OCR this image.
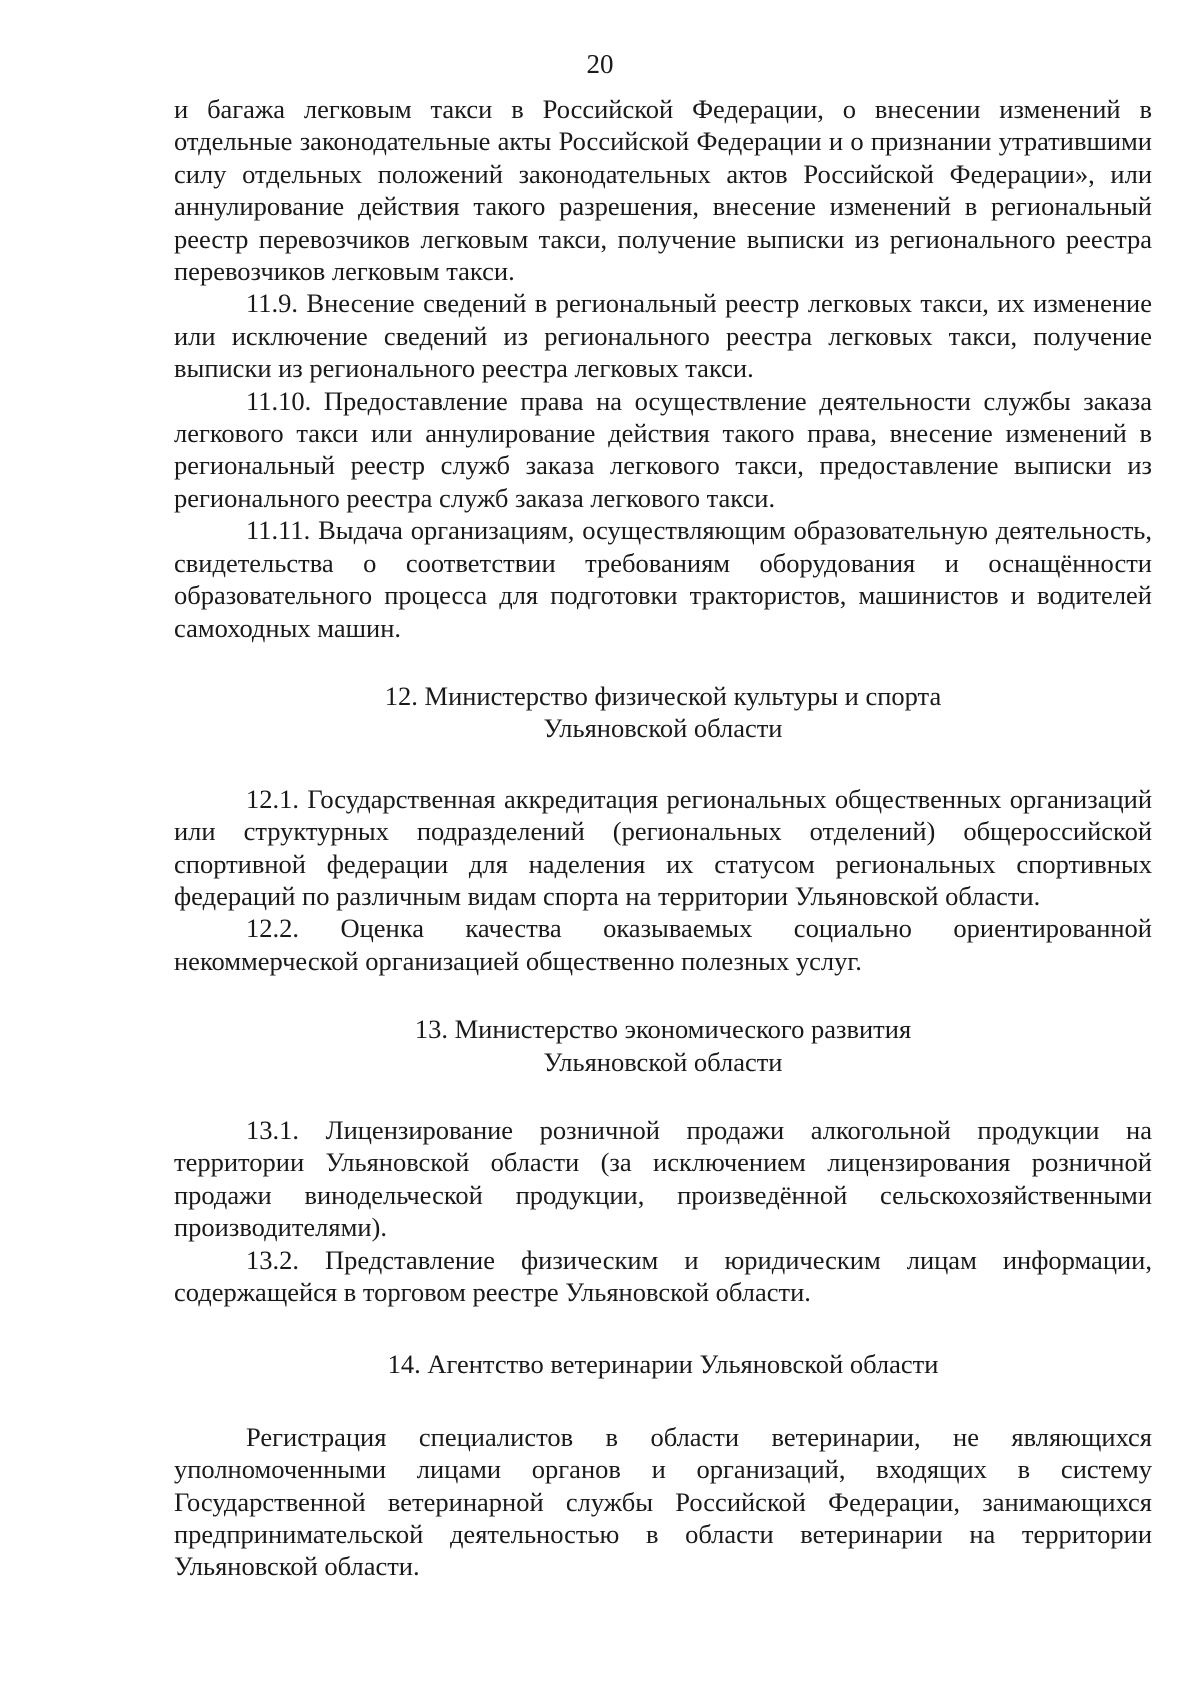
20

и багажа легковым такси в Российской Федерации, о внесении изменений в отдельные законодательные акты Российской Федерации и о признании утратившими силу отдельных положений законодательных актов Российской Федерации», или аннулирование действия такого разрешения, внесение изменений в региональный реестр перевозчиков легковым такси, получение выписки из регионального реестра перевозчиков легковым такси.

11.9. Внесение сведений в региональный реестр легковых такси, их изменение или исключение сведений из регионального реестра легковых такси, получение выписки из регионального реестра легковых такси.

11.10. Предоставление права на осуществление деятельности службы заказа легкового такси или аннулирование действия такого права, внесение изменений в региональный реестр служб заказа легкового такси, предоставление выписки из регионального реестра служб заказа легкового такси.

11.11. Выдача организациям, осуществляющим образовательную деятельность, свидетельства о соответствии требованиям оборудования и оснащённости образовательного процесса для подготовки трактористов, машинистов и водителей самоходных машин.

12. Министерство физической культуры и спорта
Ульяновской области

12.1. Государственная аккредитация региональных общественных организаций или структурных подразделений (региональных отделений) общероссийской спортивной федерации для наделения их статусом региональных спортивных федераций по различным видам спорта на территории Ульяновской области.

12.2. Оценка качества оказываемых социально ориентированной некоммерческой организацией общественно полезных услуг.

13. Министерство экономического развития
Ульяновской области

13.1. Лицензирование розничной продажи алкогольной продукции на территории Ульяновской области (за исключением лицензирования розничной продажи винодельческой продукции, произведённой сельскохозяйственными производителями).

13.2. Представление физическим и юридическим лицам информации, содержащейся в торговом реестре Ульяновской области.

14. Агентство ветеринарии Ульяновской области

Регистрация специалистов в области ветеринарии, не являющихся уполномоченными лицами органов и организаций, входящих в систему Государственной ветеринарной службы Российской Федерации, занимающихся предпринимательской деятельностью в области ветеринарии на территории Ульяновской области.
